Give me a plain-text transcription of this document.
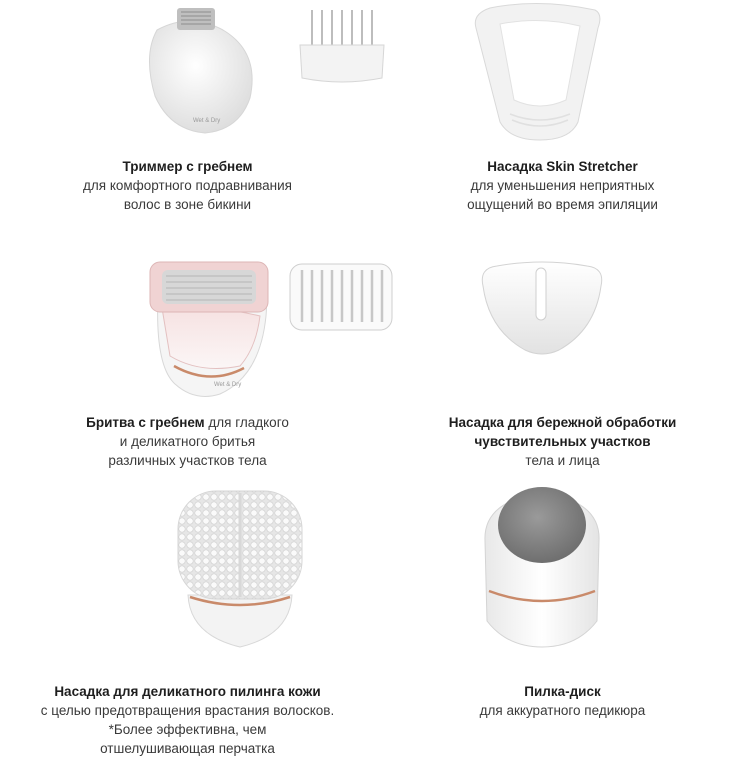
Wet & Dry
Триммер с гребнем
для комфортного подравнивания
волос в зоне бикини
Насадка Skin Stretcher
для уменьшения неприятных
ощущений во время эпиляции
Wet & Dry
Бритва с гребнем для гладкого
и деликатного бритья
различных участков тела
Насадка для бережной обработки
чувствительных участков
тела и лица
Насадка для деликатного пилинга кожи
с целью предотвращения врастания волосков.
*Более эффективна, чем
отшелушивающая перчатка
Пилка-диск
для аккуратного педикюра
